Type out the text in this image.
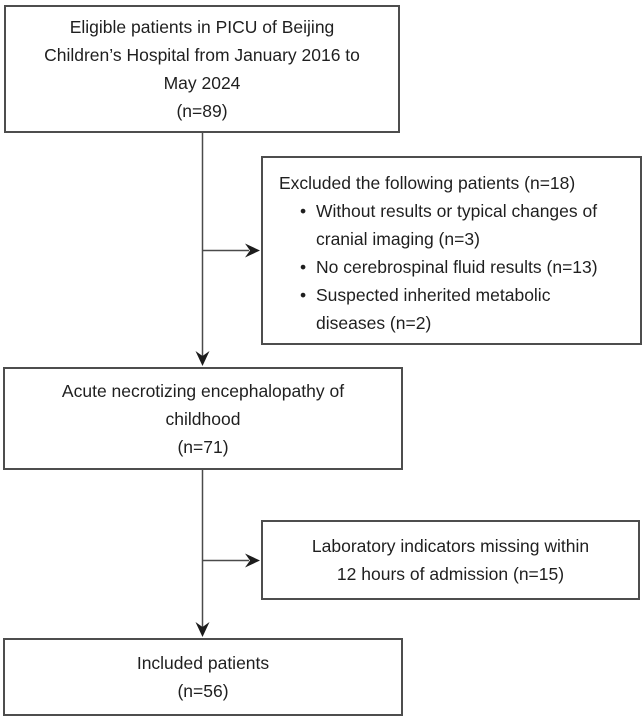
Eligible patients in PICU of Beijing
Children’s Hospital from January 2016 to
May 2024
(n=89)
Excluded the following patients (n=18)
• Without results or typical changes of
cranial imaging (n=3)
• No cerebrospinal fluid results (n=13)
• Suspected inherited metabolic
diseases (n=2)
Acute necrotizing encephalopathy of
childhood
(n=71)
Laboratory indicators missing within
12 hours of admission (n=15)
Included patients
(n=56)
